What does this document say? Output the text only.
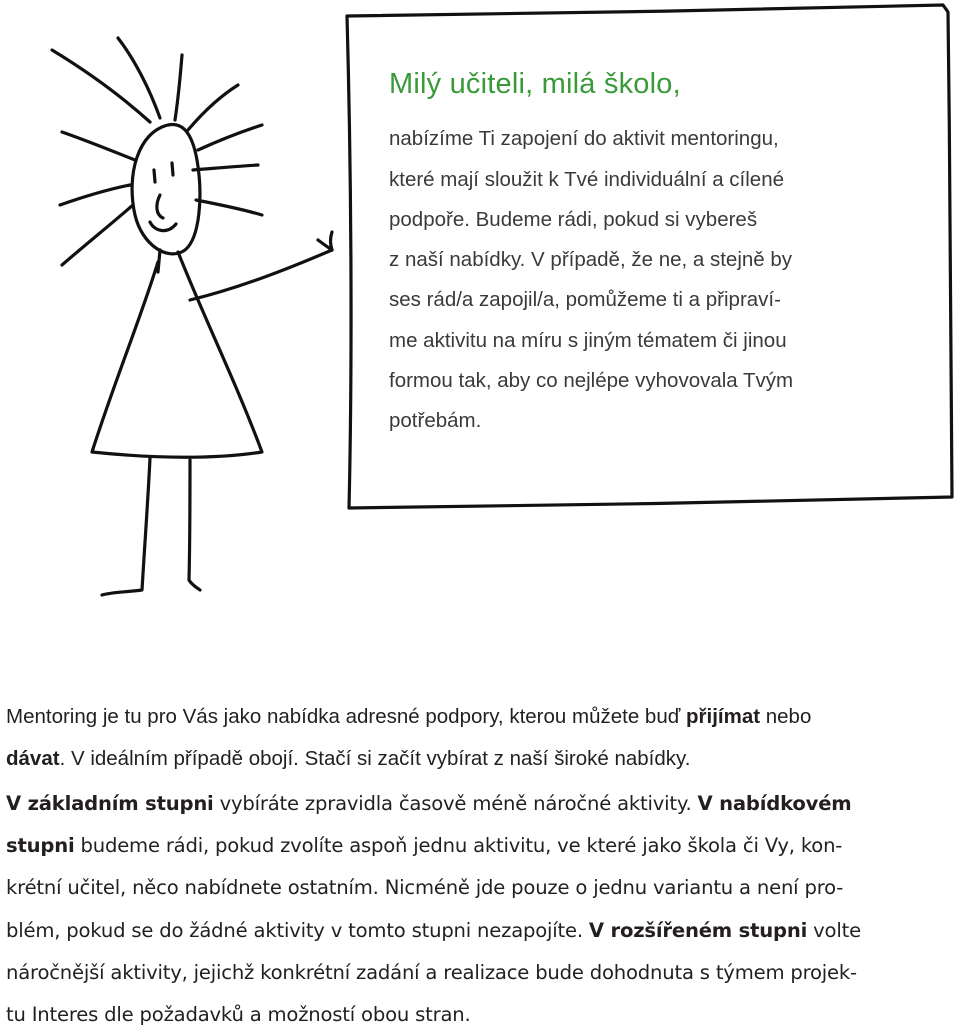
Milý učiteli, milá školo,
nabízíme Ti zapojení do aktivit mentoringu,
které mají sloužit k Tvé individuální a cílené
podpoře. Budeme rádi, pokud si vybereš
z naší nabídky. V případě, že ne, a stejně by
ses rád/a zapojil/a, pomůžeme ti a připraví-
me aktivitu na míru s jiným tématem či jinou
formou tak, aby co nejlépe vyhovovala Tvým
potřebám.
Mentoring je tu pro Vás jako nabídka adresné podpory, kterou můžete buď přijímat nebo
dávat. V ideálním případě obojí. Stačí si začít vybírat z naší široké nabídky.
V základním stupni vybíráte zpravidla časově méně náročné aktivity. V nabídkovém
stupni budeme rádi, pokud zvolíte aspoň jednu aktivitu, ve které jako škola či Vy, kon-
krétní učitel, něco nabídnete ostatním. Nicméně jde pouze o jednu variantu a není pro-
blém, pokud se do žádné aktivity v tomto stupni nezapojíte. V rozšířeném stupni volte
náročnější aktivity, jejichž konkrétní zadání a realizace bude dohodnuta s týmem projek-
tu Interes dle požadavků a možností obou stran.
